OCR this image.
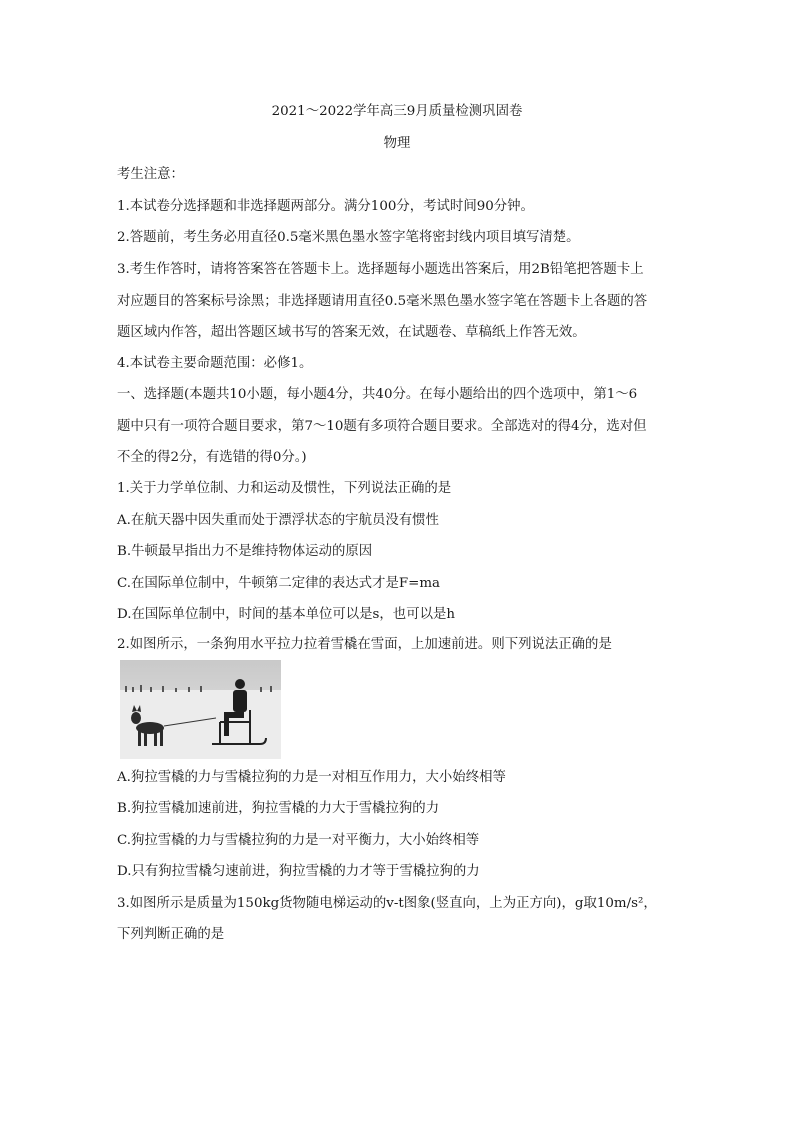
2021～2022学年高三9月质量检测巩固卷
物理
考生注意：
1.本试卷分选择题和非选择题两部分。满分100分，考试时间90分钟。
2.答题前，考生务必用直径0.5毫米黑色墨水签字笔将密封线内项目填写清楚。
3.考生作答时，请将答案答在答题卡上。选择题每小题选出答案后，用2B铅笔把答题卡上
对应题目的答案标号涂黑；非选择题请用直径0.5毫米黑色墨水签字笔在答题卡上各题的答
题区域内作答，超出答题区域书写的答案无效，在试题卷、草稿纸上作答无效。
4.本试卷主要命题范围：必修1。
一、选择题(本题共10小题，每小题4分，共40分。在每小题给出的四个选项中，第1～6
题中只有一项符合题目要求，第7～10题有多项符合题目要求。全部选对的得4分，选对但
不全的得2分，有选错的得0分。)
1.关于力学单位制、力和运动及惯性，下列说法正确的是
A.在航天器中因失重而处于漂浮状态的宇航员没有惯性
B.牛顿最早指出力不是维持物体运动的原因
C.在国际单位制中，牛顿第二定律的表达式才是F=ma
D.在国际单位制中，时间的基本单位可以是s，也可以是h
2.如图所示，一条狗用水平拉力拉着雪橇在雪面，上加速前进。则下列说法正确的是
A.狗拉雪橇的力与雪橇拉狗的力是一对相互作用力，大小始终相等
B.狗拉雪橇加速前进，狗拉雪橇的力大于雪橇拉狗的力
C.狗拉雪橇的力与雪橇拉狗的力是一对平衡力，大小始终相等
D.只有狗拉雪橇匀速前进，狗拉雪橇的力才等于雪橇拉狗的力
3.如图所示是质量为150kg货物随电梯运动的v-t图象(竖直向，上为正方向)，g取10m/s²，
下列判断正确的是
